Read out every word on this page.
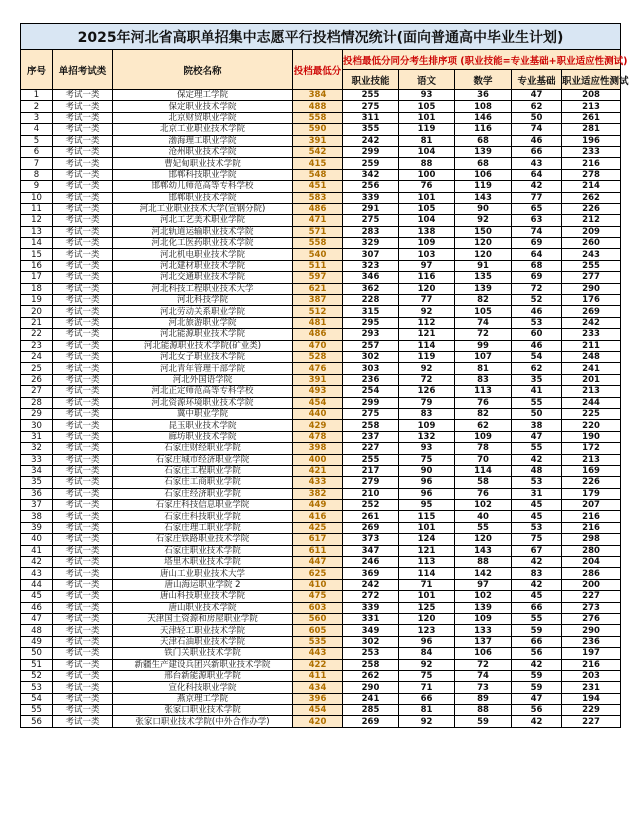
2025年河北省高职单招集中志愿平行投档情况统计(面向普通高中毕业生计划)								
序号	单招考试类	院校名称	投档最低分	投档最低分同分考生排序项 (职业技能=专业基础+职业适应性测试)				
				职业技能	语文	数学	专业基础	职业适应性测试
1	考试一类	保定理工学院	384	255	93	36	47	208
2	考试一类	保定职业技术学院	488	275	105	108	62	213
3	考试一类	北京财贸职业学院	558	311	101	146	50	261
4	考试一类	北京工业职业技术学院	590	355	119	116	74	281
5	考试一类	渤海理工职业学院	391	242	81	68	46	196
6	考试一类	沧州职业技术学院	542	299	104	139	66	233
7	考试一类	曹妃甸职业技术学院	415	259	88	68	43	216
8	考试一类	邯郸科技职业学院	548	342	100	106	64	278
9	考试一类	邯郸幼儿师范高等专科学校	451	256	76	119	42	214
10	考试一类	邯郸职业技术学院	583	339	101	143	77	262
11	考试一类	河北工业职业技术大学(宣钢分院)	486	291	105	90	65	226
12	考试一类	河北工艺美术职业学院	471	275	104	92	63	212
13	考试一类	河北轨道运输职业技术学院	571	283	138	150	74	209
14	考试一类	河北化工医药职业技术学院	558	329	109	120	69	260
15	考试一类	河北机电职业技术学院	540	307	103	120	64	243
16	考试一类	河北建材职业技术学院	511	323	97	91	68	255
17	考试一类	河北交通职业技术学院	597	346	116	135	69	277
18	考试一类	河北科技工程职业技术大学	621	362	120	139	72	290
19	考试一类	河北科技学院	387	228	77	82	52	176
20	考试一类	河北劳动关系职业学院	512	315	92	105	46	269
21	考试一类	河北旅游职业学院	481	295	112	74	53	242
22	考试一类	河北能源职业技术学院	486	293	121	72	60	233
23	考试一类	河北能源职业技术学院(矿业类)	470	257	114	99	46	211
24	考试一类	河北女子职业技术学院	528	302	119	107	54	248
25	考试一类	河北青年管理干部学院	476	303	92	81	62	241
26	考试一类	河北外国语学院	391	236	72	83	35	201
27	考试一类	河北正定师范高等专科学校	493	254	126	113	41	213
28	考试一类	河北资源环境职业技术学院	454	299	79	76	55	244
29	考试一类	冀中职业学院	440	275	83	82	50	225
30	考试一类	昆玉职业技术学院	429	258	109	62	38	220
31	考试一类	廊坊职业技术学院	478	237	132	109	47	190
32	考试一类	石家庄财经职业学院	398	227	93	78	55	172
33	考试一类	石家庄城市经济职业学院	400	255	75	70	42	213
34	考试一类	石家庄工程职业学院	421	217	90	114	48	169
35	考试一类	石家庄工商职业学院	433	279	96	58	53	226
36	考试一类	石家庄经济职业学院	382	210	96	76	31	179
37	考试一类	石家庄科技信息职业学院	449	252	95	102	45	207
38	考试一类	石家庄科技职业学院	416	261	115	40	45	216
39	考试一类	石家庄理工职业学院	425	269	101	55	53	216
40	考试一类	石家庄铁路职业技术学院	617	373	124	120	75	298
41	考试一类	石家庄职业技术学院	611	347	121	143	67	280
42	考试一类	塔里木职业技术学院	447	246	113	88	42	204
43	考试一类	唐山工业职业技术大学	625	369	114	142	83	286
44	考试一类	唐山海运职业学院 2	410	242	71	97	42	200
45	考试一类	唐山科技职业技术学院	475	272	101	102	45	227
46	考试一类	唐山职业技术学院	603	339	125	139	66	273
47	考试一类	天津国土资源和房屋职业学院	560	331	120	109	55	276
48	考试一类	天津轻工职业技术学院	605	349	123	133	59	290
49	考试一类	天津石油职业技术学院	535	302	96	137	66	236
50	考试一类	铁门关职业技术学院	443	253	84	106	56	197
51	考试一类	新疆生产建设兵团兴新职业技术学院	422	258	92	72	42	216
52	考试一类	邢台新能源职业学院	411	262	75	74	59	203
53	考试一类	宣化科技职业学院	434	290	71	73	59	231
54	考试一类	燕京理工学院	396	241	66	89	47	194
55	考试一类	张家口职业技术学院	454	285	81	88	56	229
56	考试一类	张家口职业技术学院(中外合作办学)	420	269	92	59	42	227
